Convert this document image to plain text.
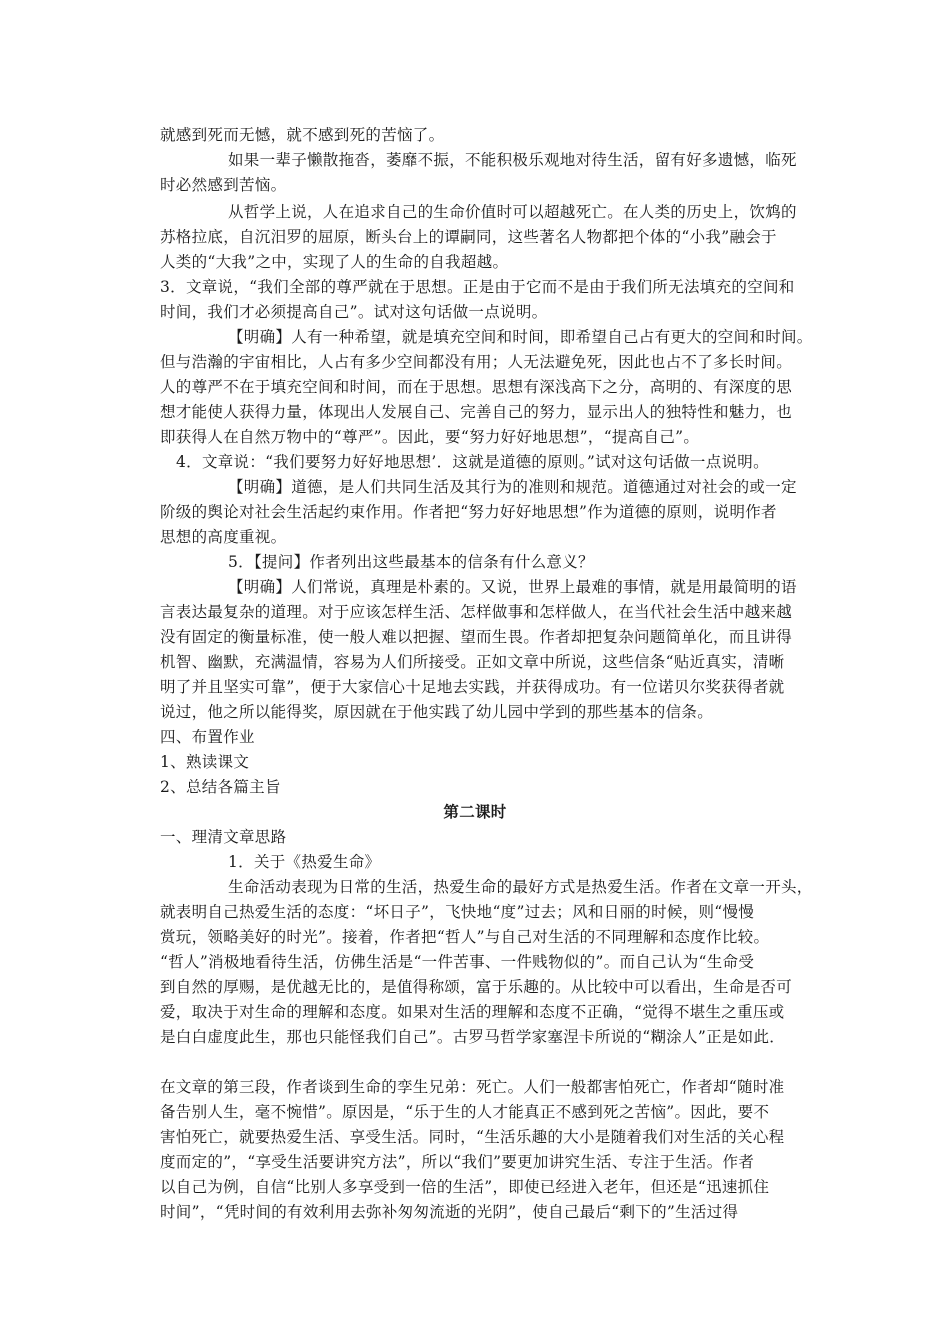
就感到死而无憾，就不感到死的苦恼了。
如果一辈子懒散拖沓，萎靡不振，不能积极乐观地对待生活，留有好多遗憾，临死
时必然感到苦恼。
从哲学上说，人在追求自己的生命价值时可以超越死亡。在人类的历史上，饮鸩的
苏格拉底，自沉汨罗的屈原，断头台上的谭嗣同，这些著名人物都把个体的“小我”融会于
人类的“大我”之中，实现了人的生命的自我超越。
3．文章说，“我们全部的尊严就在于思想。正是由于它而不是由于我们所无法填充的空间和
时间，我们才必须提高自己”。试对这句话做一点说明。
【明确】人有一种希望，就是填充空间和时间，即希望自己占有更大的空间和时间。
但与浩瀚的宇宙相比，人占有多少空间都没有用；人无法避免死，因此也占不了多长时间。
人的尊严不在于填充空间和时间，而在于思想。思想有深浅高下之分，高明的、有深度的思
想才能使人获得力量，体现出人发展自己、完善自己的努力，显示出人的独特性和魅力，也
即获得人在自然万物中的“尊严”。因此，要“努力好好地思想”，“提高自己”。
4．文章说：“我们要努力好好地思想’．这就是道德的原则。”试对这句话做一点说明。
【明确】道德，是人们共同生活及其行为的准则和规范。道德通过对社会的或一定
阶级的舆论对社会生活起约束作用。作者把“努力好好地思想”作为道德的原则，说明作者
思想的高度重视。
5．【提问】作者列出这些最基本的信条有什么意义？
【明确】人们常说，真理是朴素的。又说，世界上最难的事情，就是用最简明的语
言表达最复杂的道理。对于应该怎样生活、怎样做事和怎样做人，在当代社会生活中越来越
没有固定的衡量标准，使一般人难以把握、望而生畏。作者却把复杂问题简单化，而且讲得
机智、幽默，充满温情，容易为人们所接受。正如文章中所说，这些信条“贴近真实，清晰
明了并且坚实可靠”，便于大家信心十足地去实践，并获得成功。有一位诺贝尔奖获得者就
说过，他之所以能得奖，原因就在于他实践了幼儿园中学到的那些基本的信条。
四、布置作业
1、熟读课文
2、总结各篇主旨
第二课时
一、理清文章思路
1．关于《热爱生命》
生命活动表现为日常的生活，热爱生命的最好方式是热爱生活。作者在文章一开头，
就表明自己热爱生活的态度：“坏日子”，飞快地“度”过去；风和日丽的时候，则“慢慢
赏玩，领略美好的时光”。接着，作者把“哲人”与自己对生活的不同理解和态度作比较。
“哲人”消极地看待生活，仿佛生活是“一件苦事、一件贱物似的”。而自己认为“生命受
到自然的厚赐，是优越无比的，是值得称颂，富于乐趣的。从比较中可以看出，生命是否可
爱，取决于对生命的理解和态度。如果对生活的理解和态度不正确，“觉得不堪生之重压或
是白白虚度此生，那也只能怪我们自己”。古罗马哲学家塞涅卡所说的“糊涂人”正是如此．
在文章的第三段，作者谈到生命的孪生兄弟：死亡。人们一般都害怕死亡，作者却“随时准
备告别人生，毫不惋惜”。原因是，“乐于生的人才能真正不感到死之苦恼”。因此，要不
害怕死亡，就要热爱生活、享受生活。同时，“生活乐趣的大小是随着我们对生活的关心程
度而定的”，“享受生活要讲究方法”，所以“我们”要更加讲究生活、专注于生活。作者
以自己为例，自信“比别人多享受到一倍的生活”，即使已经进入老年，但还是“迅速抓住
时间”，“凭时间的有效利用去弥补匆匆流逝的光阴”，使自己最后“剩下的”生活过得
